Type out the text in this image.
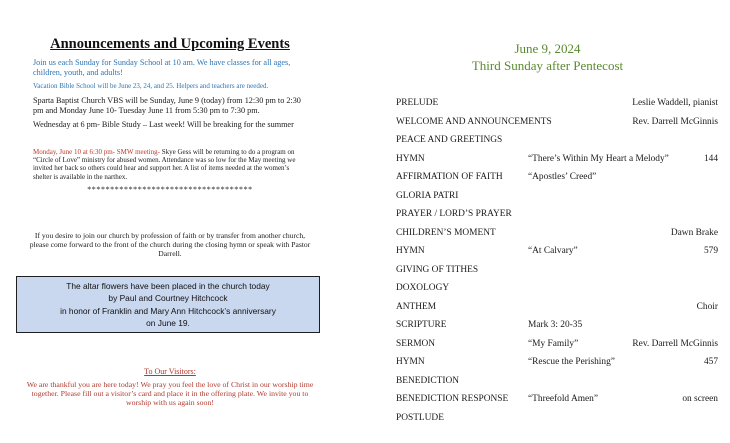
Announcements and Upcoming Events
Join us each Sunday for Sunday School at 10 am. We have classes for all ages, children, youth, and adults!
Vacation Bible School will be June 23, 24, and 25. Helpers and teachers are needed.
Sparta Baptist Church VBS will be Sunday, June 9 (today) from 12:30 pm to 2:30 pm and Monday June 10- Tuesday June 11 from 5:30 pm to 7:30 pm.
Wednesday at 6 pm- Bible Study – Last week! Will be breaking for the summer
Monday, June 10 at 6:30 pm- SMW meeting- Skye Gess will be returning to do a program on “Circle of Love” ministry for abused women. Attendance was so low for the May meeting we invited her back so others could hear and support her. A list of items needed at the women’s shelter is available in the narthex.
************************************
If you desire to join our church by profession of faith or by transfer from another church, please come forward to the front of the church during the closing hymn or speak with Pastor Darrell.
The altar flowers have been placed in the church today
by Paul and Courtney Hitchcock
in honor of Franklin and Mary Ann Hitchcock’s anniversary
on June 19.
To Our Visitors:
We are thankful you are here today! We pray you feel the love of Christ in our worship time together. Please fill out a visitor’s card and place it in the offering plate. We invite you to worship with us again soon!
June 9, 2024
Third Sunday after Pentecost
PRELUDE	Leslie Waddell, pianist
WELCOME AND ANNOUNCEMENTS	Rev. Darrell McGinnis
PEACE AND GREETINGS
HYMN	“There’s Within My Heart a Melody”	144
AFFIRMATION OF FAITH	“Apostles’ Creed”
GLORIA PATRI
PRAYER / LORD’S PRAYER
CHILDREN’S MOMENT	Dawn Brake
HYMN	“At Calvary”	579
GIVING OF TITHES
DOXOLOGY
ANTHEM	Choir
SCRIPTURE	Mark 3: 20-35
SERMON	“My Family”	Rev. Darrell McGinnis
HYMN	“Rescue the Perishing”	457
BENEDICTION
BENEDICTION RESPONSE “Threefold Amen”	on screen
POSTLUDE
